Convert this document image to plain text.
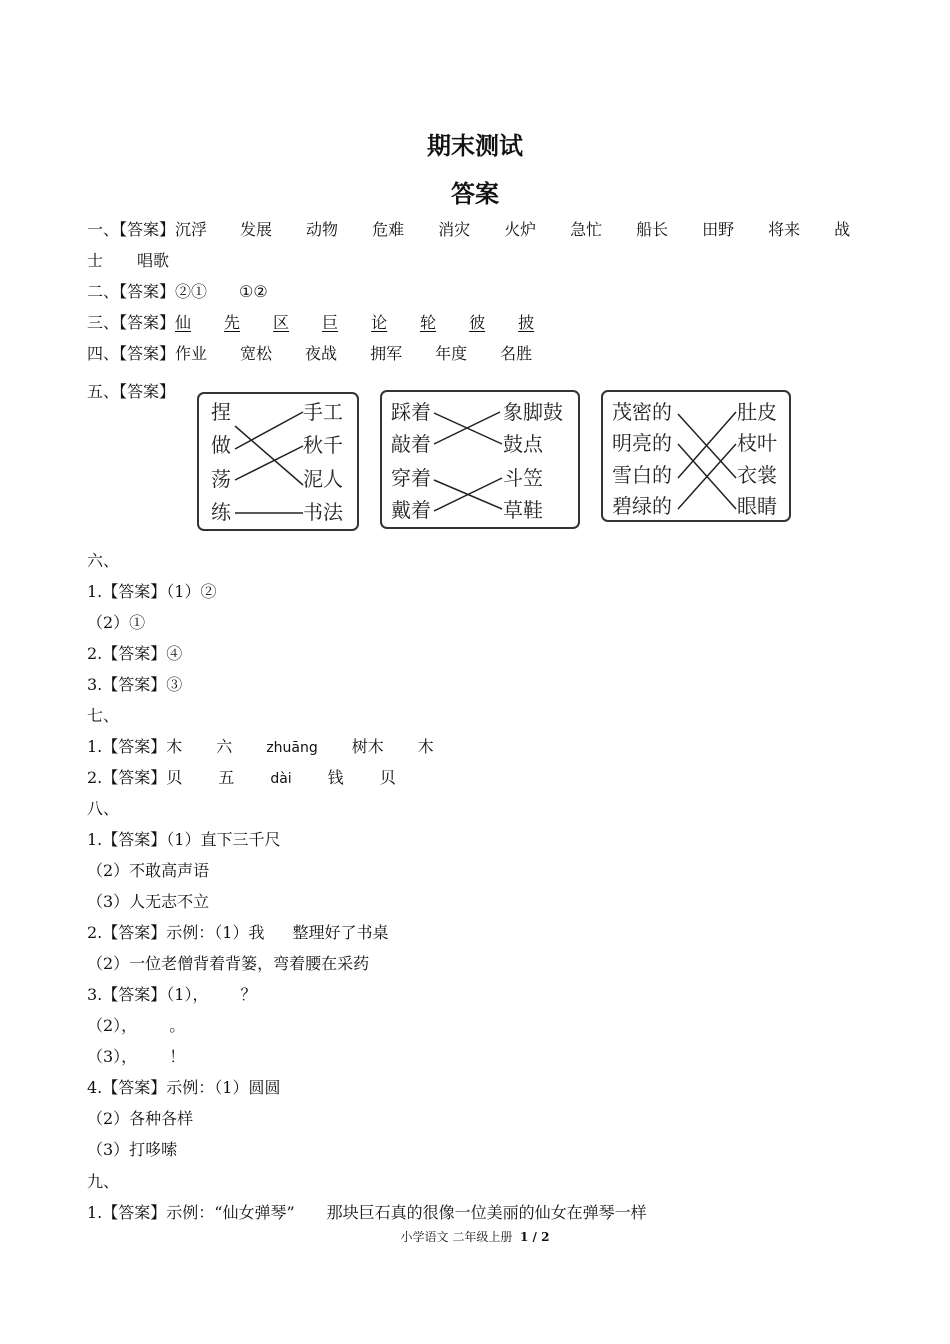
期末测试
答案
一、【答案】沉浮 发展 动物 危难 消灾 火炉 急忙 船长 田野 将来 战
士 唱歌
二、【答案】②① ①②
三、【答案】仙 先 区 巨 论 轮 彼 披
四、【答案】作业 宽松 夜战 拥军 年度 名胜
五、【答案】
捏
做
荡
练
手工
秋千
泥人
书法
踩着
敲着
穿着
戴着
象脚鼓
鼓点
斗笠
草鞋
茂密的
明亮的
雪白的
碧绿的
肚皮
枝叶
衣裳
眼睛
六、
1.【答案】（1）②
（2）①
2.【答案】④
3.【答案】③
七、
1.【答案】木 六 zhuāng 树木 木
2.【答案】贝 五	dài 钱 贝
八、
1.【答案】（1）直下三千尺
（2）不敢高声语
（3）人无志不立
2.【答案】示例：（1）我 整理好了书桌
（2）一位老僧背着背篓，弯着腰在采药
3.【答案】（1）， ？
（2）， 。
（3）， ！
4.【答案】示例：（1）圆圆
（2）各种各样
（3）打哆嗦
九、
1.【答案】示例：“仙女弹琴” 那块巨石真的很像一位美丽的仙女在弹琴一样
小学语文 二年级上册 1 / 2
